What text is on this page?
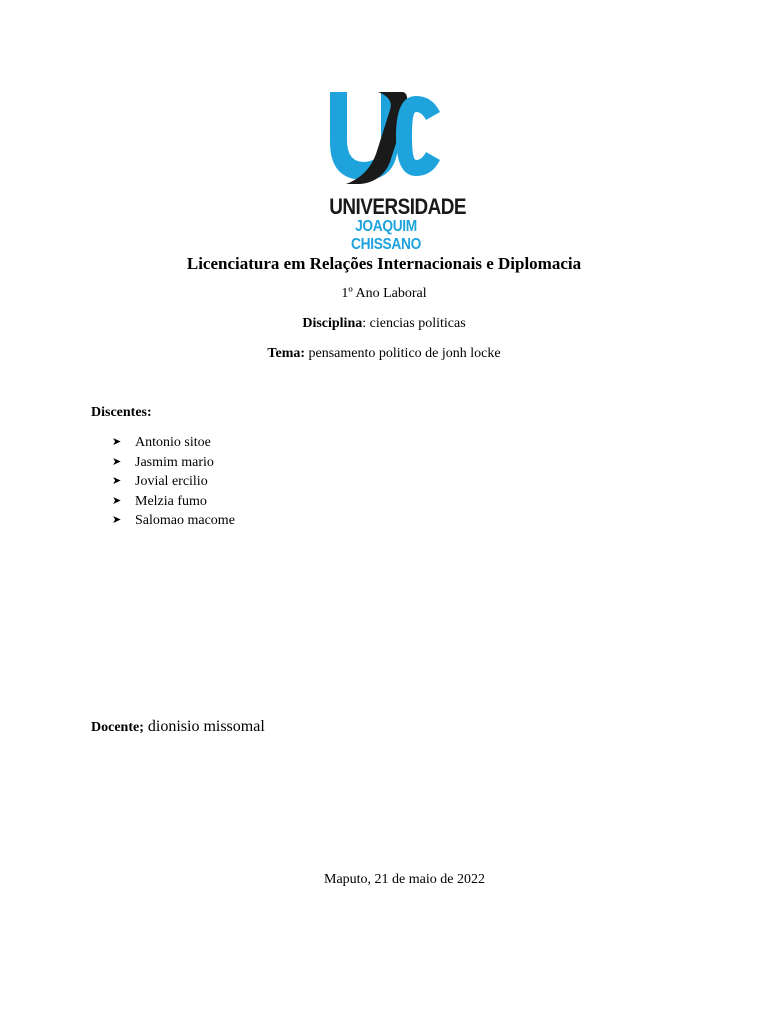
UNIVERSIDADE
JOAQUIM CHISSANO
Licenciatura em Relações Internacionais e Diplomacia
1º Ano Laboral
Disciplina: ciencias politicas
Tema: pensamento politico de jonh locke
Discentes:
➤ Antonio sitoe
➤ Jasmim mario
➤ Jovial ercilio
➤ Melzia fumo
➤ Salomao macome
Docente; dionisio missomal
Maputo, 21 de maio de 2022
